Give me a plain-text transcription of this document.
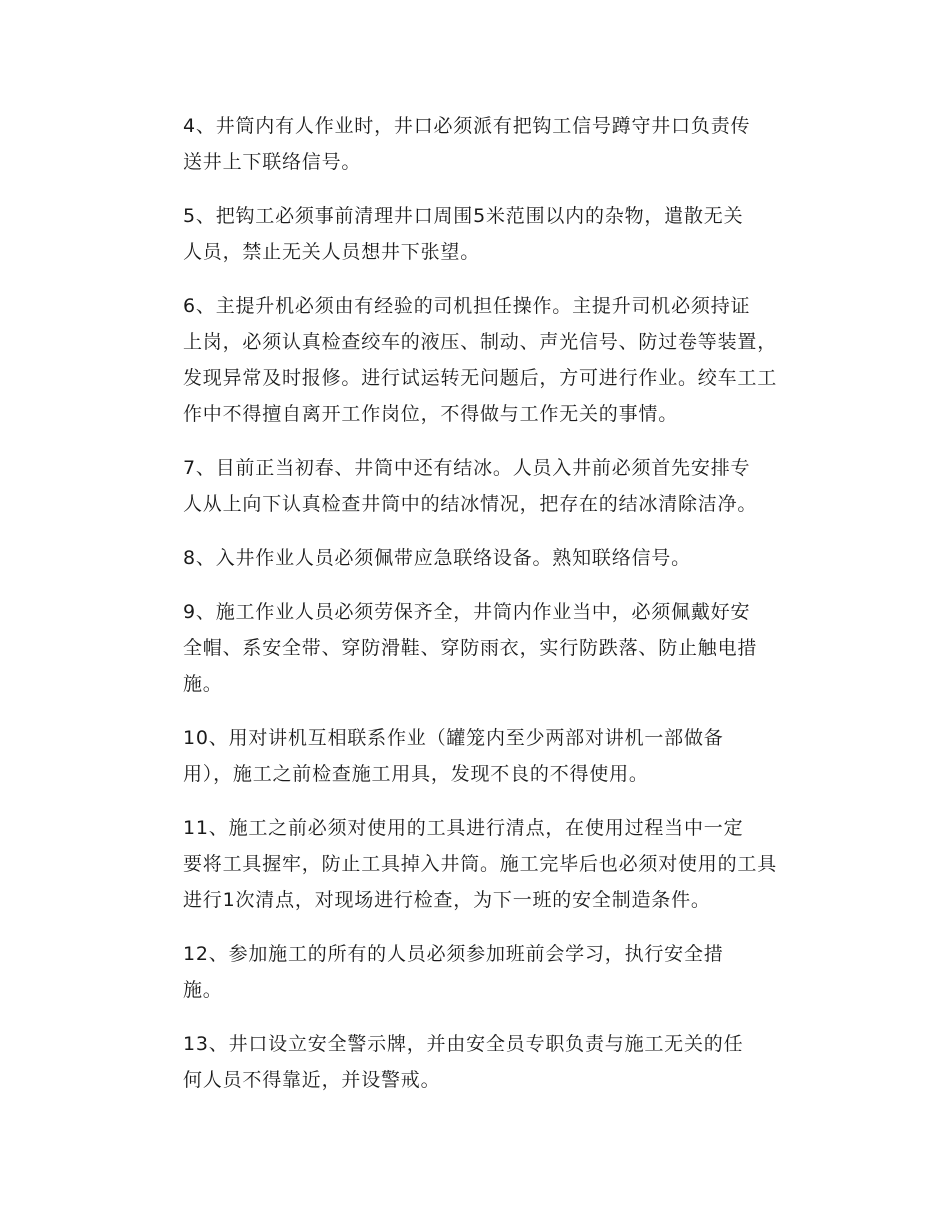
4、井筒内有人作业时，井口必须派有把钩工信号蹲守井口负责传
送井上下联络信号。

5、把钩工必须事前清理井口周围5米范围以内的杂物，遣散无关
人员，禁止无关人员想井下张望。

6、主提升机必须由有经验的司机担任操作。主提升司机必须持证
上岗，必须认真检查绞车的液压、制动、声光信号、防过卷等装置，
发现异常及时报修。进行试运转无问题后，方可进行作业。绞车工工
作中不得擅自离开工作岗位，不得做与工作无关的事情。

7、目前正当初春、井筒中还有结冰。人员入井前必须首先安排专
人从上向下认真检查井筒中的结冰情况，把存在的结冰清除洁净。

8、入井作业人员必须佩带应急联络设备。熟知联络信号。

9、施工作业人员必须劳保齐全，井筒内作业当中，必须佩戴好安
全帽、系安全带、穿防滑鞋、穿防雨衣，实行防跌落、防止触电措
施。

10、用对讲机互相联系作业（罐笼内至少两部对讲机一部做备
用），施工之前检查施工用具，发现不良的不得使用。

11、施工之前必须对使用的工具进行清点，在使用过程当中一定
要将工具握牢，防止工具掉入井筒。施工完毕后也必须对使用的工具
进行1次清点，对现场进行检查，为下一班的安全制造条件。

12、参加施工的所有的人员必须参加班前会学习，执行安全措
施。

13、井口设立安全警示牌，并由安全员专职负责与施工无关的任
何人员不得靠近，并设警戒。
